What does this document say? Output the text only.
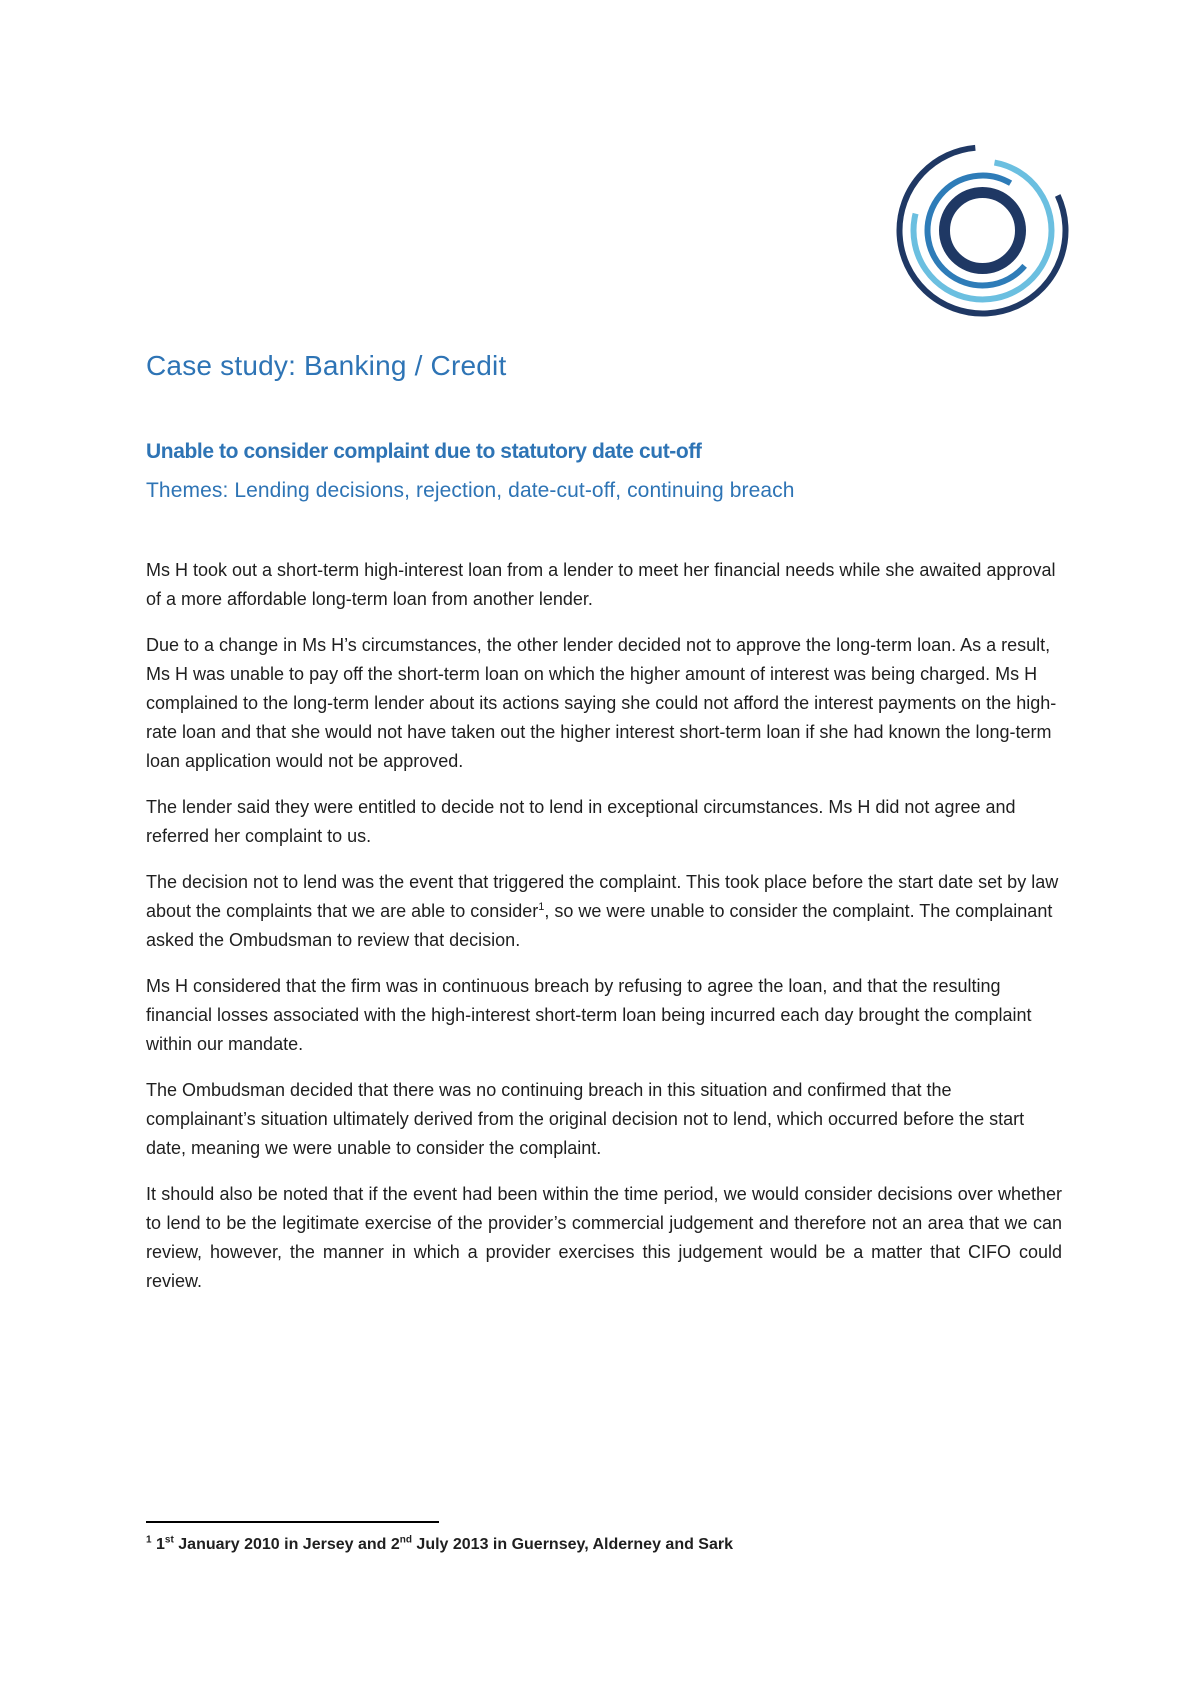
Case study: Banking / Credit
Unable to consider complaint due to statutory date cut-off

Themes: Lending decisions, rejection, date-cut-off, continuing breach

Ms H took out a short-term high-interest loan from a lender to meet her financial needs while she awaited approval of a more affordable long-term loan from another lender.

Due to a change in Ms H’s circumstances, the other lender decided not to approve the long-term loan. As a result, Ms H was unable to pay off the short-term loan on which the higher amount of interest was being charged. Ms H complained to the long-term lender about its actions saying she could not afford the interest payments on the high-rate loan and that she would not have taken out the higher interest short-term loan if she had known the long-term loan application would not be approved.

The lender said they were entitled to decide not to lend in exceptional circumstances. Ms H did not agree and referred her complaint to us.

The decision not to lend was the event that triggered the complaint. This took place before the start date set by law about the complaints that we are able to consider$^1$, so we were unable to consider the complaint. The complainant asked the Ombudsman to review that decision.

Ms H considered that the firm was in continuous breach by refusing to agree the loan, and that the resulting financial losses associated with the high-interest short-term loan being incurred each day brought the complaint within our mandate.

The Ombudsman decided that there was no continuing breach in this situation and confirmed that the complainant’s situation ultimately derived from the original decision not to lend, which occurred before the start date, meaning we were unable to consider the complaint.

It should also be noted that if the event had been within the time period, we would consider decisions over whether to lend to be the legitimate exercise of the provider’s commercial judgement and therefore not an area that we can review, however, the manner in which a provider exercises this judgement would be a matter that CIFO could review.

$^1$ 1st January 2010 in Jersey and 2nd July 2013 in Guernsey, Alderney and Sark
